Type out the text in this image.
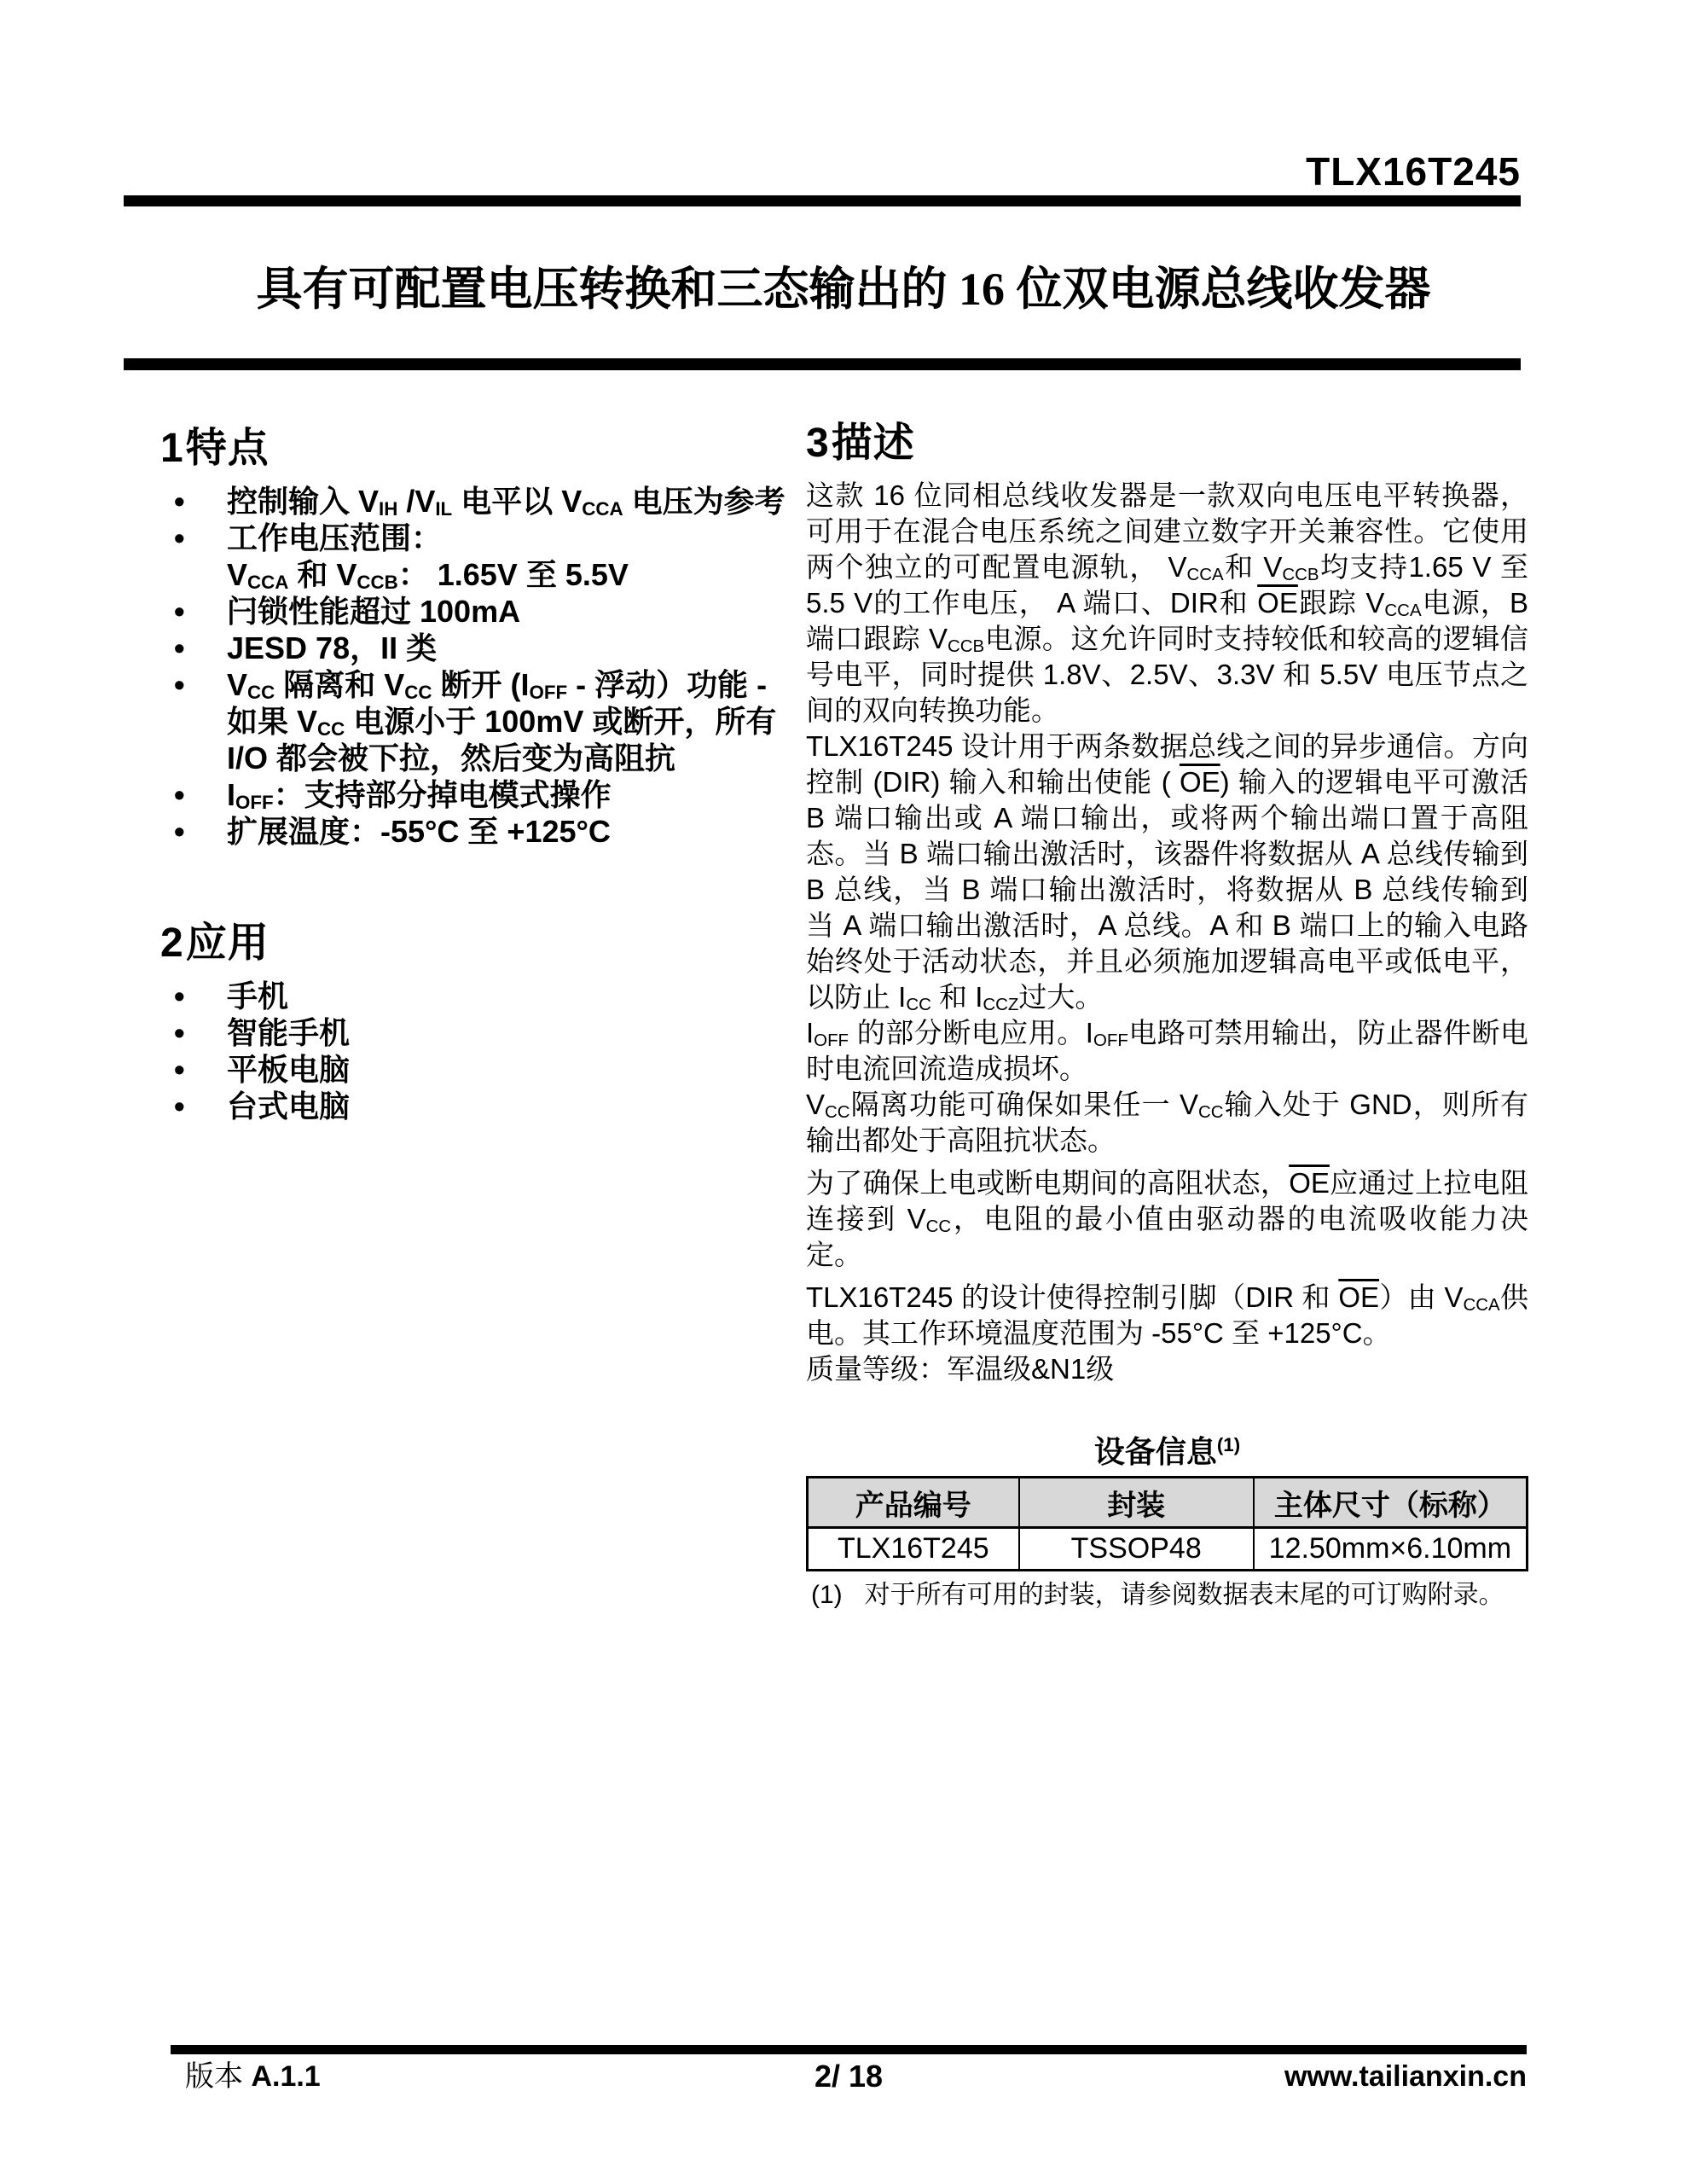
TLX16T245
具有可配置电压转换和三态输出的 16 位双电源总线收发器
1特点
• 控制输入 $V_{IH}$ $/V_{IL}$ 电平以 $V_{CCA}$ 电压为参考
• 工作电压范围：
$V_{CCA}$ 和 $V_{CCB}$： 1.65V 至 5.5V
• 闩锁性能超过 100mA
• JESD 78，II 类
• $V_{CC}$ 隔离和 $V_{CC}$ 断开 ($I_{OFF}$ - 浮动）功能 - 如果 $V_{CC}$ 电源小于 100mV 或断开，所有 I/O 都会被下拉，然后变为高阻抗
• $I_{OFF}$：支持部分掉电模式操作
• 扩展温度：-55°C 至 +125°C
2应用
• 手机
• 智能手机
• 平板电脑
• 台式电脑
3描述

这款 16 位同相总线收发器是一款双向电压电平转换器，可用于在混合电压系统之间建立数字开关兼容性。它使用两个独立的可配置电源轨， $V_{CCA}$和 $V_{CCB}$均支持1.65 V 至 5.5 V的工作电压， A 端口、DIR和 $\overline{OE}$跟踪 $V_{CCA}$电源，B 端口跟踪 $V_{CCB}$电源。这允许同时支持较低和较高的逻辑信号电平，同时提供 1.8V、2.5V、3.3V 和 5.5V 电压节点之间的双向转换功能。

TLX16T245 设计用于两条数据总线之间的异步通信。方向控制 (DIR) 输入和输出使能 ( $\overline{OE}$) 输入的逻辑电平可激活 B 端口输出或 A 端口输出，或将两个输出端口置于高阻态。当 B 端口输出激活时，该器件将数据从 A 总线传输到 B 总线，当 B 端口输出激活时，将数据从 B 总线传输到 当 A 端口输出激活时，A 总线。A 和 B 端口上的输入电路始终处于活动状态，并且必须施加逻辑高电平或低电平，以防止 $I_{CC}$ 和 $I_{CCZ}$过大。

$I_{OFF}$ 的部分断电应用。$I_{OFF}$电路可禁用输出，防止器件断电时电流回流造成损坏。

$V_{CC}$隔离功能可确保如果任一 $V_{CC}$输入处于 GND，则所有输出都处于高阻抗状态。

为了确保上电或断电期间的高阻状态，$\overline{OE}$应通过上拉电阻连接到 $V_{CC}$，电阻的最小值由驱动器的电流吸收能力决定。

TLX16T245 的设计使得控制引脚（DIR 和 $\overline{OE}$）由 $V_{CCA}$供电。其工作环境温度范围为 -55°C 至 +125°C。

质量等级：军温级&N1级

设备信息$^{(1)}$
产品编号	封装	主体尺寸（标称）
TLX16T245	TSSOP48	12.50mm×6.10mm
(1) 对于所有可用的封装，请参阅数据表末尾的可订购附录。
版本 A.1.1	2/ 18	www.tailianxin.cn
